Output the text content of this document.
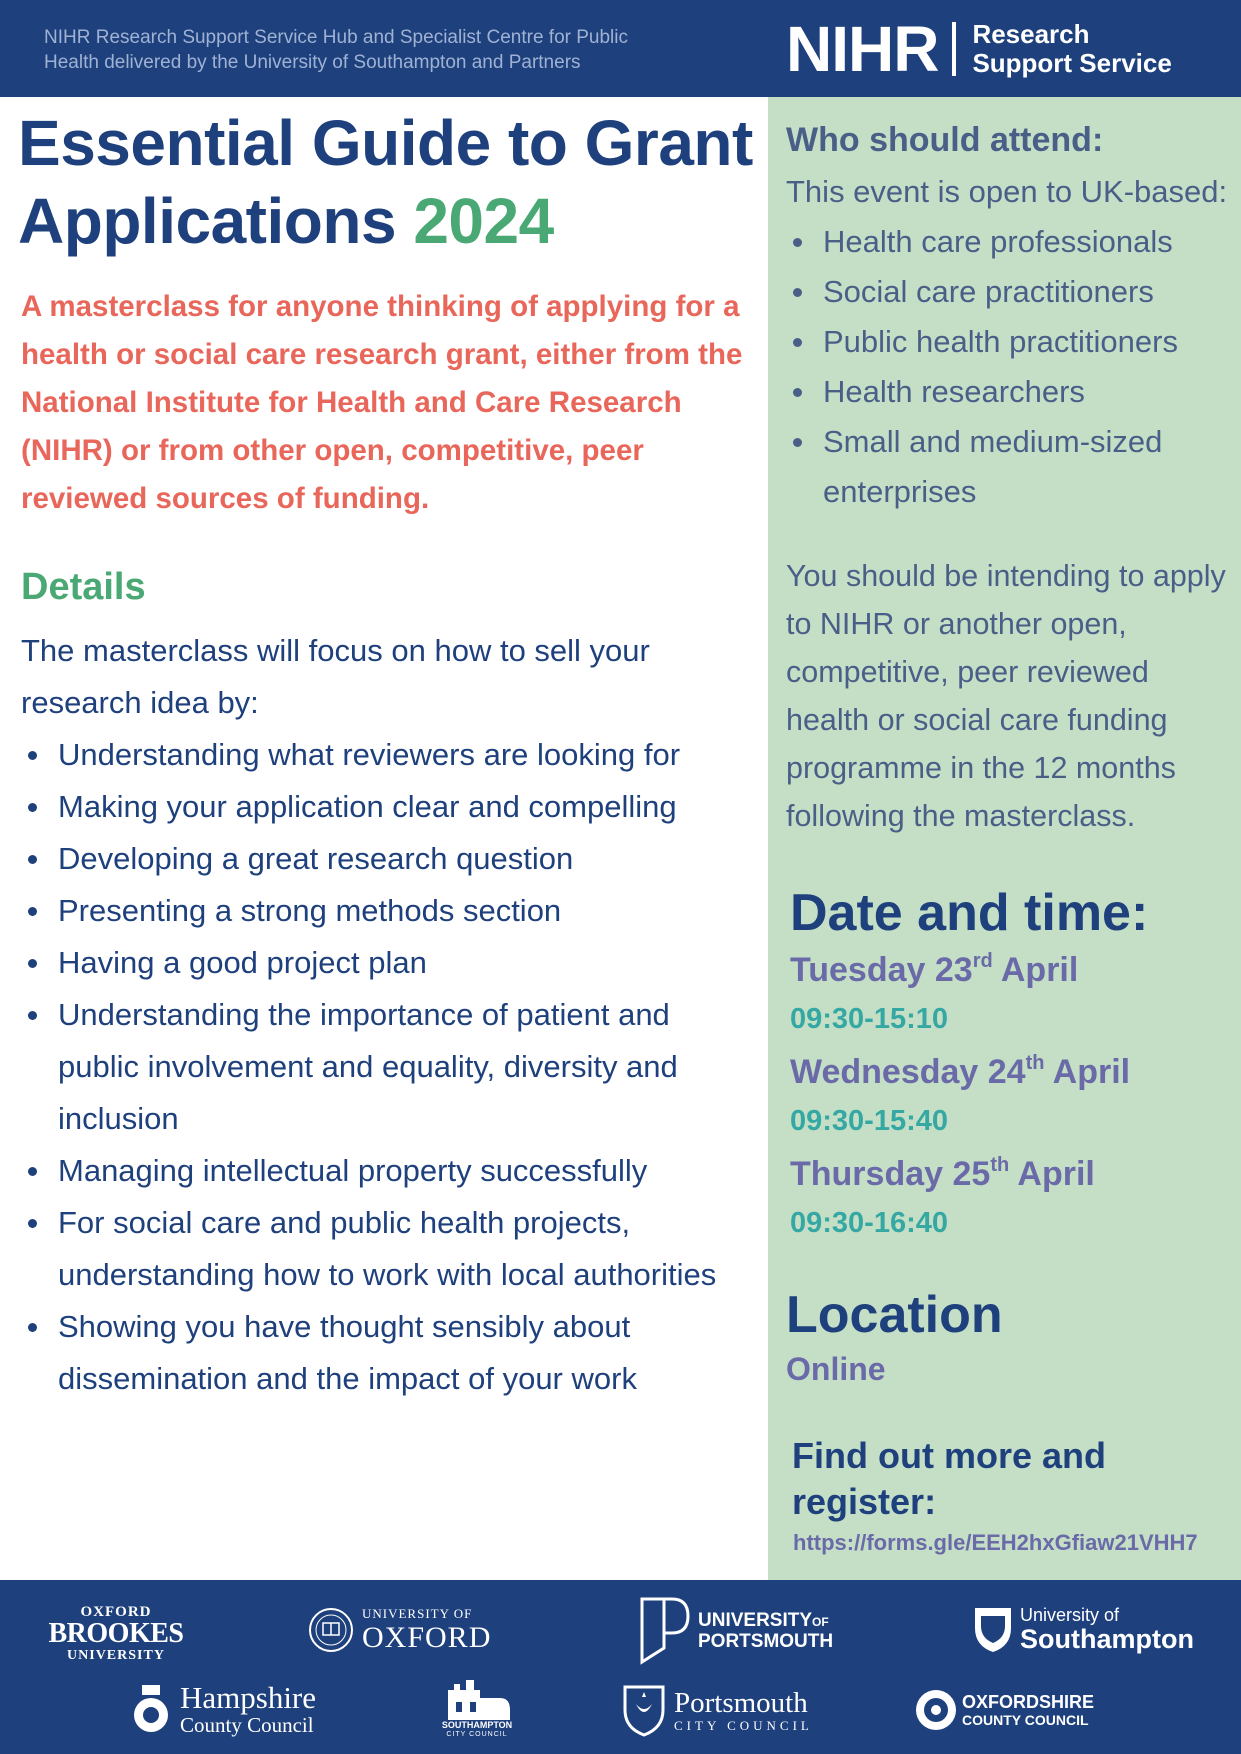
NIHR Research Support Service Hub and Specialist Centre for Public Health delivered by the University of Southampton and Partners	NIHR Research
Support Service
Essential Guide to Grant Applications 2024

A masterclass for anyone thinking of applying for a health or social care research grant, either from the National Institute for Health and Care Research (NIHR) or from other open, competitive, peer reviewed sources of funding.

Details

The masterclass will focus on how to sell your research idea by:

Understanding what reviewers are looking for
Making your application clear and compelling
Developing a great research question
Presenting a strong methods section
Having a good project plan
Understanding the importance of patient and public involvement and equality, diversity and inclusion
Managing intellectual property successfully
For social care and public health projects, understanding how to work with local authorities
Showing you have thought sensibly about dissemination and the impact of your work
Who should attend:

This event is open to UK-based:

Health care professionals
Social care practitioners
Public health practitioners
Health researchers
Small and medium-sized enterprises

You should be intending to apply to NIHR or another open, competitive, peer reviewed health or social care funding programme in the 12 months following the masterclass.

Date and time:
Tuesday 23rd April
09:30-15:10
Wednesday 24th April
09:30-15:40
Thursday 25th April
09:30-16:40
Location
Online
Find out more and register:
https://forms.gle/EEH2hxGfiaw21VHH7
OXFORD
BROOKES
UNIVERSITY
UNIVERSITY OF
OXFORD
UNIVERSITYOF
PORTSMOUTH
University of
Southampton
Hampshire
County Council	SOUTHAMPTON
CITY COUNCIL
Portsmouth
CITY COUNCIL
OXFORDSHIRE
COUNTY COUNCIL
